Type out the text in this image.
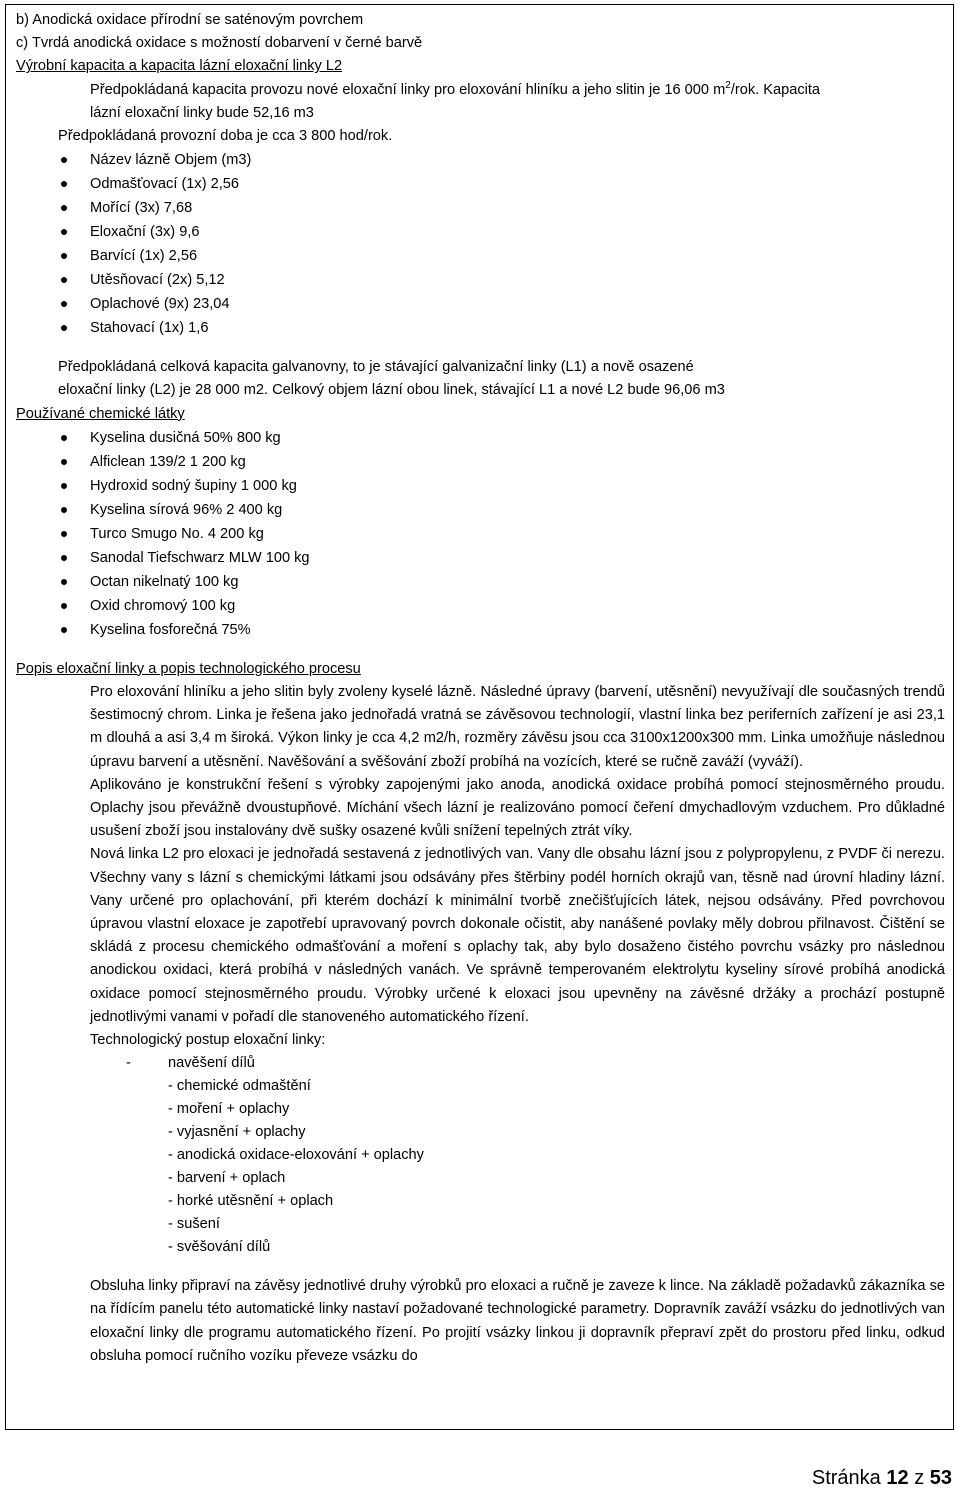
b) Anodická oxidace přírodní se saténovým povrchem
c) Tvrdá anodická oxidace s možností dobarvení v černé barvě
Výrobní kapacita a kapacita lázní eloxační linky L2
Předpokládaná kapacita provozu nové eloxační linky pro eloxování hliníku a jeho slitin je 16 000 $m^2$/rok. Kapacita
lázní eloxační linky bude 52,16 m3
Předpokládaná provozní doba je cca 3 800 hod/rok.
Název lázně Objem (m3)
Odmašťovací (1x) 2,56
Mořící (3x) 7,68
Eloxační (3x) 9,6
Barvící (1x) 2,56
Utěsňovací (2x) 5,12
Oplachové (9x) 23,04
Stahovací (1x) 1,6
Předpokládaná celková kapacita galvanovny, to je stávající galvanizační linky (L1) a nově osazené
eloxační linky (L2) je 28 000 m2. Celkový objem lázní obou linek, stávající L1 a nové L2 bude 96,06 m3
Používané chemické látky
Kyselina dusičná 50% 800 kg
Alficlean 139/2 1 200 kg
Hydroxid sodný šupiny 1 000 kg
Kyselina sírová 96% 2 400 kg
Turco Smugo No. 4 200 kg
Sanodal Tiefschwarz MLW 100 kg
Octan nikelnatý 100 kg
Oxid chromový 100 kg
Kyselina fosforečná 75%
Popis eloxační linky a popis technologického procesu

Pro eloxování hliníku a jeho slitin byly zvoleny kyselé lázně. Následné úpravy (barvení, utěsnění) nevyužívají dle současných trendů šestimocný chrom. Linka je řešena jako jednořadá vratná se závěsovou technologií, vlastní linka bez periferních zařízení je asi 23,1 m dlouhá a asi 3,4 m široká. Výkon linky je cca 4,2 m2/h, rozměry závěsu jsou cca 3100x1200x300 mm. Linka umožňuje následnou úpravu barvení a utěsnění. Navěšování a svěšování zboží probíhá na vozících, které se ručně zaváží (vyváží).

Aplikováno je konstrukční řešení s výrobky zapojenými jako anoda, anodická oxidace probíhá pomocí stejnosměrného proudu. Oplachy jsou převážně dvoustupňové. Míchání všech lázní je realizováno pomocí čeření dmychadlovým vzduchem. Pro důkladné usušení zboží jsou instalovány dvě sušky osazené kvůli snížení tepelných ztrát víky.

Nová linka L2 pro eloxaci je jednořadá sestavená z jednotlivých van. Vany dle obsahu lázní jsou z polypropylenu, z PVDF či nerezu. Všechny vany s lázní s chemickými látkami jsou odsávány přes štěrbiny podél horních okrajů van, těsně nad úrovní hladiny lázní. Vany určené pro oplachování, při kterém dochází k minimální tvorbě znečišťujících látek, nejsou odsávány. Před povrchovou úpravou vlastní eloxace je zapotřebí upravovaný povrch dokonale očistit, aby nanášené povlaky měly dobrou přilnavost. Čištění se skládá z procesu chemického odmašťování a moření s oplachy tak, aby bylo dosaženo čistého povrchu vsázky pro následnou anodickou oxidaci, která probíhá v následných vanách. Ve správně temperovaném elektrolytu kyseliny sírové probíhá anodická oxidace pomocí stejnosměrného proudu. Výrobky určené k eloxaci jsou upevněny na závěsné držáky a prochází postupně jednotlivými vanami v pořadí dle stanoveného automatického řízení.

Technologický postup eloxační linky:

-	navěšení dílů
- chemické odmaštění
- moření + oplachy
- vyjasnění + oplachy
- anodická oxidace-eloxování + oplachy
- barvení + oplach
- horké utěsnění + oplach
- sušení
- svěšování dílů

Obsluha linky připraví na závěsy jednotlivé druhy výrobků pro eloxaci a ručně je zaveze k lince. Na základě požadavků zákazníka se na řídícím panelu této automatické linky nastaví požadované technologické parametry. Dopravník zaváží vsázku do jednotlivých van eloxační linky dle programu automatického řízení. Po projití vsázky linkou ji dopravník přepraví zpět do prostoru před linku, odkud obsluha pomocí ručního vozíku převeze vsázku do

Stránka 12 z 53
